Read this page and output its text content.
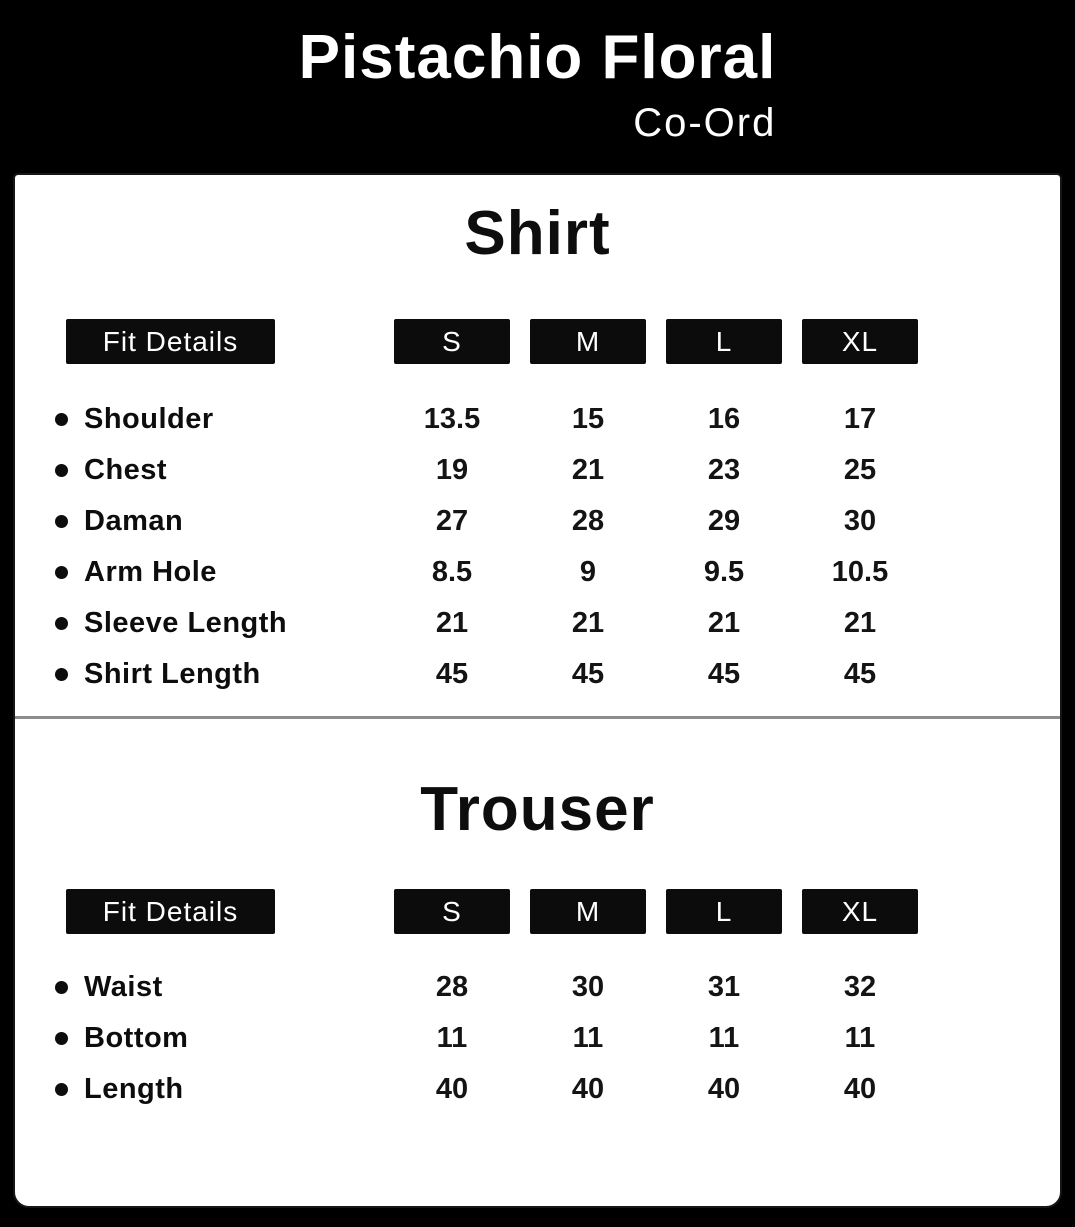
Pistachio Floral
Co-Ord
Shirt
Fit Details	S	M	L	XL
Shoulder	13.5	15	16	17
Chest	19	21	23	25
Daman	27	28	29	30
Arm Hole	8.5	9	9.5	10.5
Sleeve Length	21	21	21	21
Shirt Length	45	45	45	45
Trouser
Fit Details	S	M	L	XL
Waist	28	30	31	32
Bottom	11	11	11	11
Length	40	40	40	40
